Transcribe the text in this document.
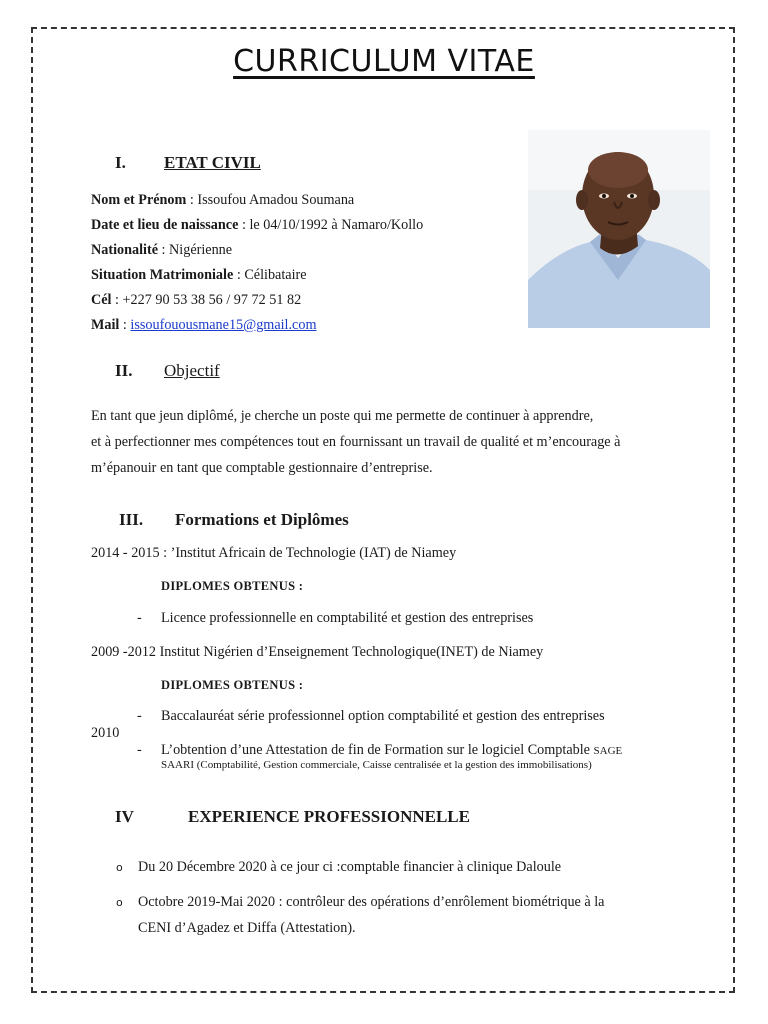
CURRICULUM VITAE
I. ETAT CIVIL
Nom et Prénom : Issoufou Amadou Soumana
Date et lieu de naissance : le 04/10/1992 à Namaro/Kollo
Nationalité : Nigérienne
Situation Matrimoniale : Célibataire
Cél : +227 90 53 38 56 / 97 72 51 82
Mail : issoufouousmane15@gmail.com
II. Objectif
En tant que jeun diplômé, je cherche un poste qui me permette de continuer à apprendre,
et à perfectionner mes compétences tout en fournissant un travail de qualité et m’encourage à
m’épanouir en tant que comptable gestionnaire d’entreprise.
III. Formations et Diplômes
2014 - 2015 : ’Institut Africain de Technologie (IAT) de Niamey
DIPLOMES OBTENUS :
- Licence professionnelle en comptabilité et gestion des entreprises
2009 -2012 Institut Nigérien d’Enseignement Technologique(INET) de Niamey
DIPLOMES OBTENUS :
- Baccalauréat série professionnel option comptabilité et gestion des entreprises
2010
- L’obtention d’une Attestation de fin de Formation sur le logiciel Comptable SAGE
SAARI (Comptabilité, Gestion commerciale, Caisse centralisée et la gestion des immobilisations)
IV	EXPERIENCE PROFESSIONNELLE
o Du 20 Décembre 2020 à ce jour ci :comptable financier à clinique Daloule
o Octobre 2019-Mai 2020 : contrôleur des opérations d’enrôlement biométrique à la
CENI d’Agadez et Diffa (Attestation).
